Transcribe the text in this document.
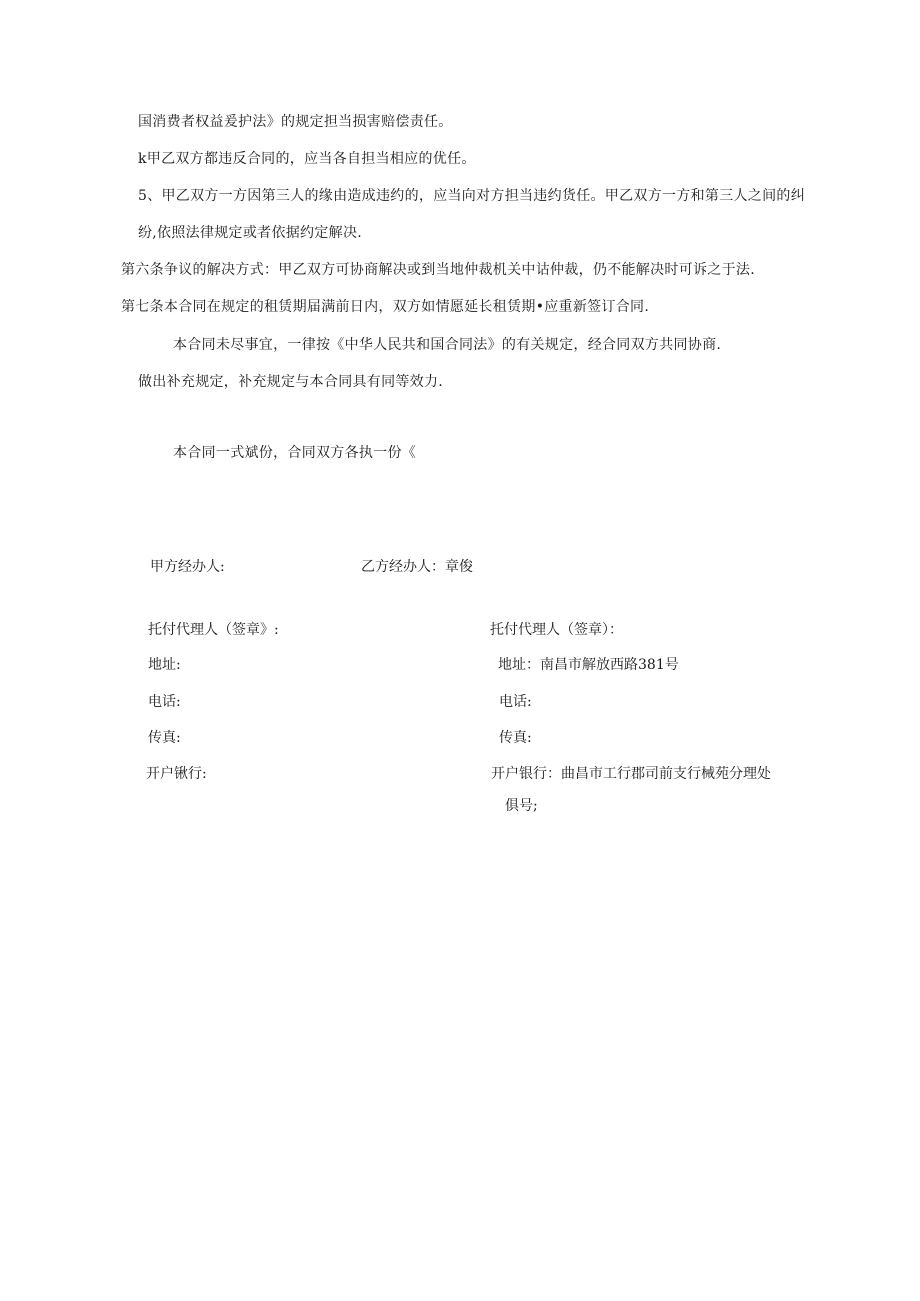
国消费者权益爰护法》的规定担当损害赔偿责任。
k甲乙双方都违反合同的，应当各自担当相应的优任。
5、甲乙双方一方因第三人的缘由造成违约的，应当向对方担当违约货任。甲乙双方一方和第三人之间的纠
纷,依照法律规定或者依据约定解决.
第六条争议的解决方式：甲乙双方可协商解决或到当地仲裁机关中诂仲裁，仍不能解决时可诉之于法.
第七条本合同在规定的租赁期届满前日内，双方如情愿延长租赁期•应重新签订合同.
本合同未尽事宜，一律按《中华人民共和国合同法》的有关规定，经合同双方共同协商.
做出补充规定，补充规定与本合同具有同等效力.
本合同一式斌份，合同双方各执一份《
甲方经办人:
托付代理人（签章》:
地址:
电话:
传真:
开户锹行:
乙方经办人：章俊
托付代理人（签章）：
地址：南昌市解放西路381号
电话:
传真:
开户银行：曲昌市工行郡司前支行械苑分理处
俱号;
